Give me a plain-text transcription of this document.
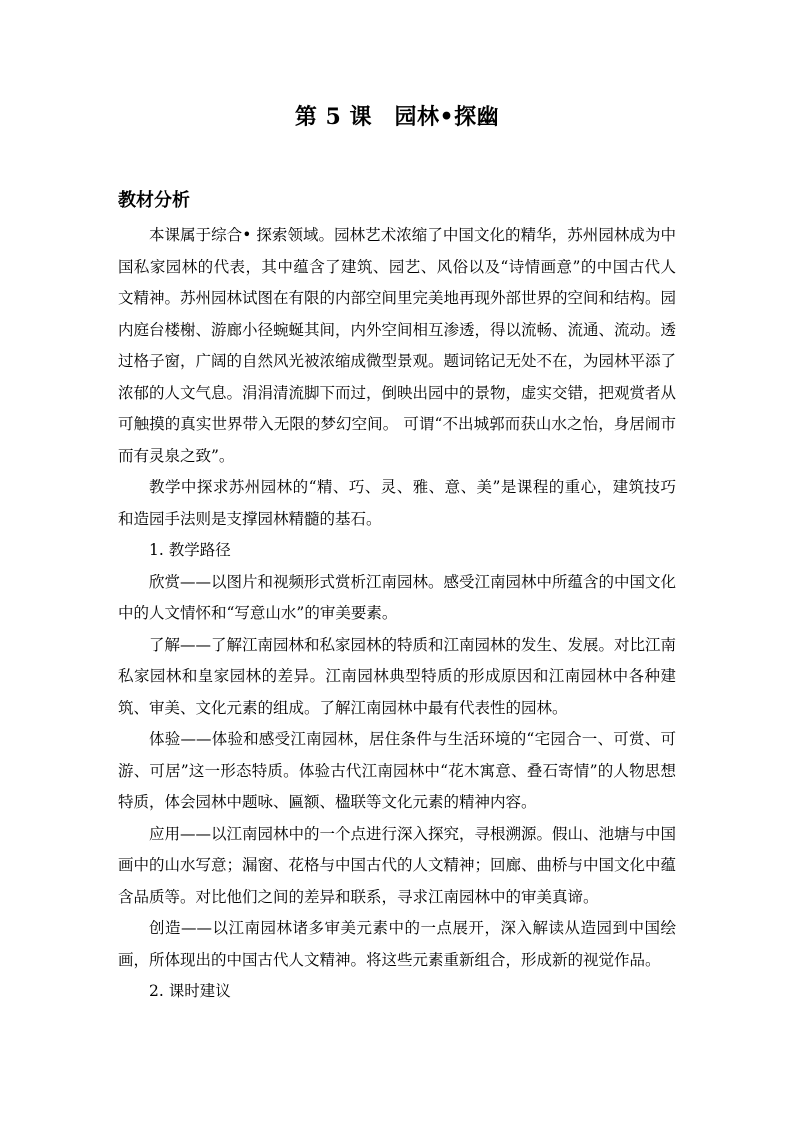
第 5 课　园林•探幽
教材分析

本课属于综合• 探索领域。园林艺术浓缩了中国文化的精华，苏州园林成为中国私家园林的代表，其中蕴含了建筑、园艺、风俗以及“诗情画意”的中国古代人文精神。苏州园林试图在有限的内部空间里完美地再现外部世界的空间和结构。园内庭台楼榭、游廊小径蜿蜒其间，内外空间相互渗透，得以流畅、流通、流动。透过格子窗，广阔的自然风光被浓缩成微型景观。题词铭记无处不在，为园林平添了浓郁的人文气息。涓涓清流脚下而过，倒映出园中的景物，虚实交错，把观赏者从可触摸的真实世界带入无限的梦幻空间。 可谓“不出城郭而获山水之怡，身居闹市而有灵泉之致”。

教学中探求苏州园林的“精、巧、灵、雅、意、美”是课程的重心，建筑技巧和造园手法则是支撑园林精髓的基石。

1. 教学路径

欣赏——以图片和视频形式赏析江南园林。感受江南园林中所蕴含的中国文化中的人文情怀和“写意山水”的审美要素。

了解——了解江南园林和私家园林的特质和江南园林的发生、发展。对比江南私家园林和皇家园林的差异。江南园林典型特质的形成原因和江南园林中各种建筑、审美、文化元素的组成。了解江南园林中最有代表性的园林。

体验——体验和感受江南园林，居住条件与生活环境的“宅园合一、可赏、可游、可居”这一形态特质。体验古代江南园林中“花木寓意、叠石寄情”的人物思想特质，体会园林中题咏、匾额、楹联等文化元素的精神内容。

应用——以江南园林中的一个点进行深入探究，寻根溯源。假山、池塘与中国画中的山水写意；漏窗、花格与中国古代的人文精神；回廊、曲桥与中国文化中蕴含品质等。对比他们之间的差异和联系，寻求江南园林中的审美真谛。

创造——以江南园林诸多审美元素中的一点展开，深入解读从造园到中国绘画，所体现出的中国古代人文精神。将这些元素重新组合，形成新的视觉作品。

2. 课时建议
